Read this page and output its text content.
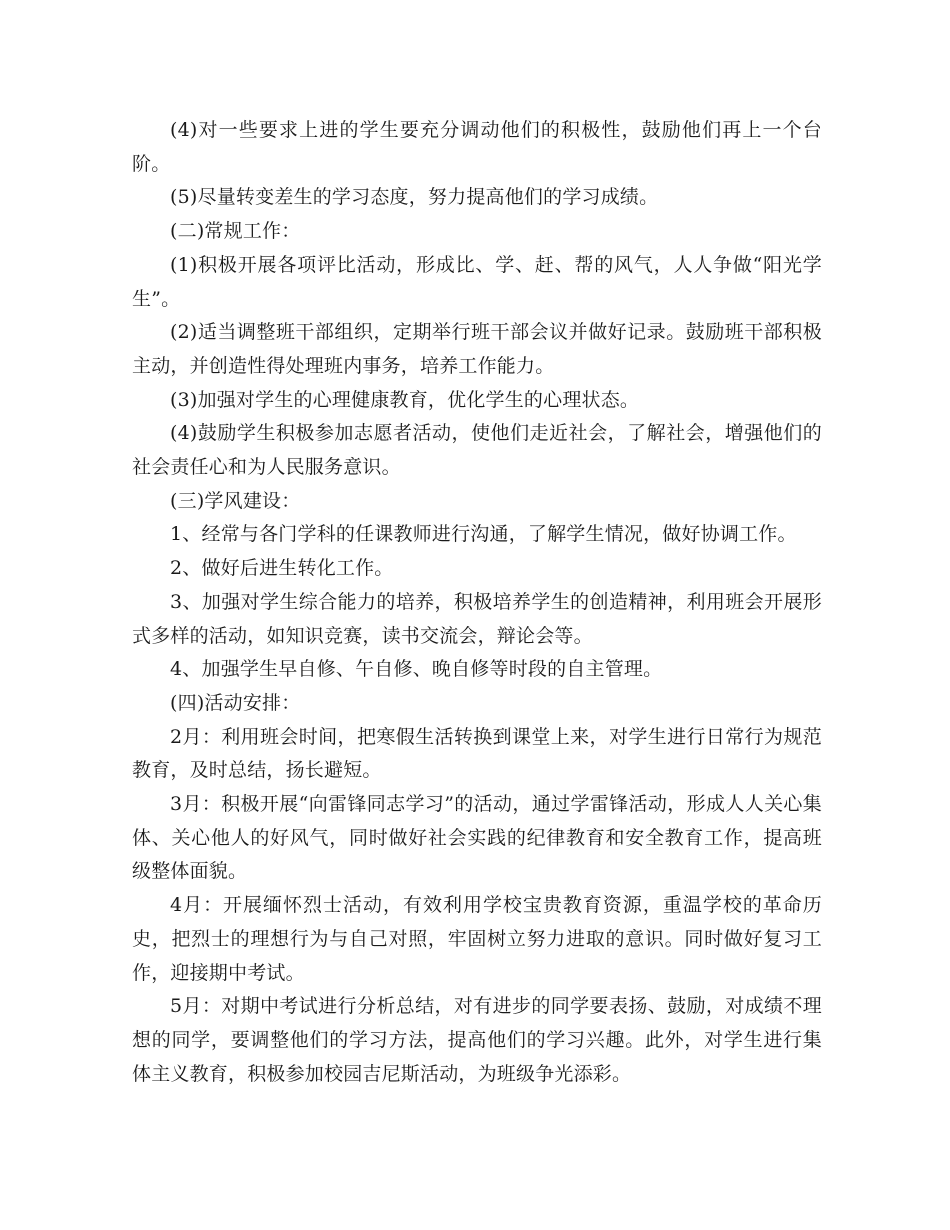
(4)对一些要求上进的学生要充分调动他们的积极性，鼓励他们再上一个台阶。

(5)尽量转变差生的学习态度，努力提高他们的学习成绩。

(二)常规工作：

(1)积极开展各项评比活动，形成比、学、赶、帮的风气，人人争做“阳光学生”。

(2)适当调整班干部组织，定期举行班干部会议并做好记录。鼓励班干部积极主动，并创造性得处理班内事务，培养工作能力。

(3)加强对学生的心理健康教育，优化学生的心理状态。

(4)鼓励学生积极参加志愿者活动，使他们走近社会，了解社会，增强他们的社会责任心和为人民服务意识。

(三)学风建设：

1、经常与各门学科的任课教师进行沟通，了解学生情况，做好协调工作。

2、做好后进生转化工作。

3、加强对学生综合能力的培养，积极培养学生的创造精神，利用班会开展形式多样的活动，如知识竞赛，读书交流会，辩论会等。

4、加强学生早自修、午自修、晚自修等时段的自主管理。

(四)活动安排：

2月：利用班会时间，把寒假生活转换到课堂上来，对学生进行日常行为规范教育，及时总结，扬长避短。

3月：积极开展“向雷锋同志学习”的活动，通过学雷锋活动，形成人人关心集体、关心他人的好风气，同时做好社会实践的纪律教育和安全教育工作，提高班级整体面貌。

4月：开展缅怀烈士活动，有效利用学校宝贵教育资源，重温学校的革命历史，把烈士的理想行为与自己对照，牢固树立努力进取的意识。同时做好复习工作，迎接期中考试。

5月：对期中考试进行分析总结，对有进步的同学要表扬、鼓励，对成绩不理想的同学，要调整他们的学习方法，提高他们的学习兴趣。此外，对学生进行集体主义教育，积极参加校园吉尼斯活动，为班级争光添彩。
